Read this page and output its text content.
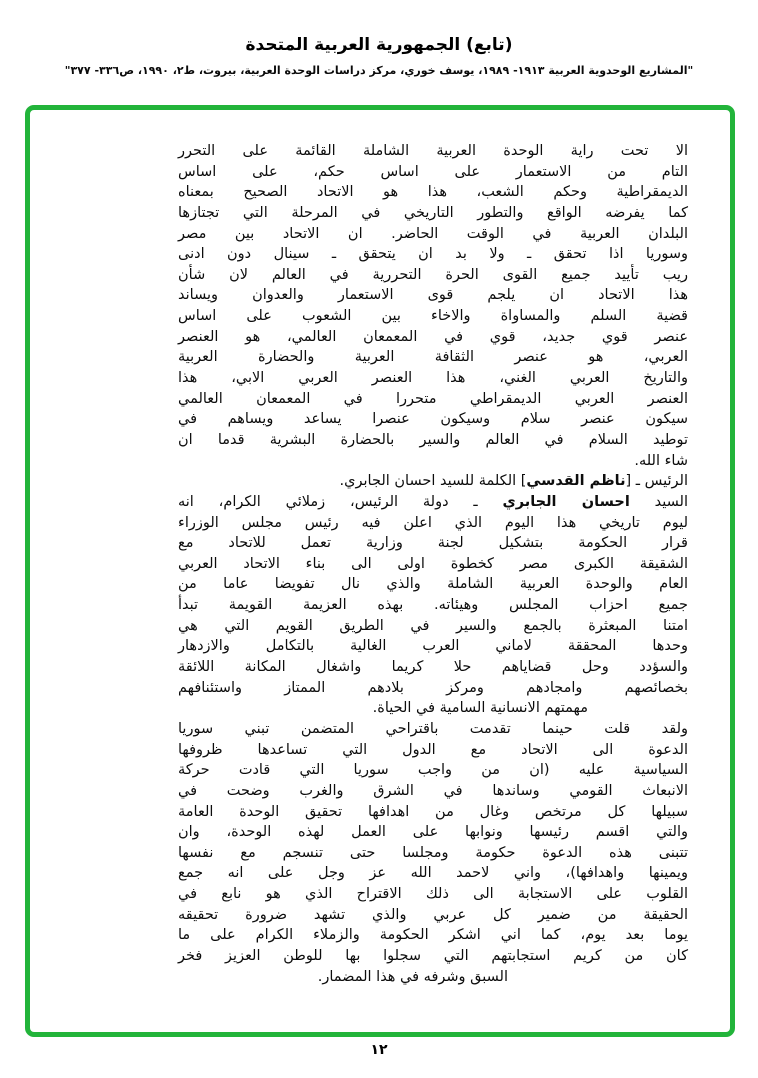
(تابع) الجمهورية العربية المتحدة
"المشاريع الوحدوية العربية ١٩١٣- ١٩٨٩، يوسف خوري، مركز دراسات الوحدة العربية، بيروت، ط٢، ١٩٩٠، ص٣٣٦- ٣٧٧"
الا تحت راية الوحدة العربية الشاملة القائمة على التحرر
التام من الاستعمار على اساس حكم، على اساس
الديمقراطية وحكم الشعب، هذا هو الاتحاد الصحيح بمعناه
كما يفرضه الواقع والتطور التاريخي في المرحلة التي تجتازها
البلدان العربية في الوقت الحاضر. ان الاتحاد بين مصر
وسوريا اذا تحقق ـ ولا بد ان يتحقق ـ سينال دون ادنى
ريب تأييد جميع القوى الحرة التحررية في العالم لان شأن
هذا الاتحاد ان يلجم قوى الاستعمار والعدوان ويساند
قضية السلم والمساواة والاخاء بين الشعوب على اساس
عنصر قوي جديد، قوي في المعمعان العالمي، هو العنصر
العربي، هو عنصر الثقافة العربية والحضارة العربية
والتاريخ العربي الغني، هذا العنصر العربي الابي، هذا
العنصر العربي الديمقراطي متحررا في المعمعان العالمي
سيكون عنصر سلام وسيكون عنصرا يساعد ويساهم في
توطيد السلام في العالم والسير بالحضارة البشرية قدما ان
شاء الله.
الرئيس ـ [ناظم القدسي] الكلمة للسيد احسان الجابري.
السيد احسان الجابري ـ دولة الرئيس، زملائي الكرام، انه
ليوم تاريخي هذا اليوم الذي اعلن فيه رئيس مجلس الوزراء
قرار الحكومة بتشكيل لجنة وزارية تعمل للاتحاد مع
الشقيقة الكبرى مصر كخطوة اولى الى بناء الاتحاد العربي
العام والوحدة العربية الشاملة والذي نال تفويضا عاما من
جميع احزاب المجلس وهيئاته. بهذه العزيمة القويمة تبدأ
امتنا المبعثرة بالجمع والسير في الطريق القويم التي هي
وحدها المحققة لاماني العرب الغالية بالتكامل والازدهار
والسؤدد وحل قضاياهم حلا كريما واشغال المكانة اللائقة
بخصائصهم وامجادهم ومركز بلادهم الممتاز واستئنافهم
مهمتهم الانسانية السامية في الحياة.
ولقد قلت حينما تقدمت باقتراحي المتضمن تبني سوريا
الدعوة الى الاتحاد مع الدول التي تساعدها ظروفها
السياسية عليه (ان من واجب سوريا التي قادت حركة
الانبعاث القومي وساندها في الشرق والغرب وضحت في
سبيلها كل مرتخص وغال من اهدافها تحقيق الوحدة العامة
والتي اقسم رئيسها ونوابها على العمل لهذه الوحدة، وان
تتبنى هذه الدعوة حكومة ومجلسا حتى تنسجم مع نفسها
ويمينها واهدافها)، واني لاحمد الله عز وجل على انه جمع
القلوب على الاستجابة الى ذلك الاقتراح الذي هو نابع في
الحقيقة من ضمير كل عربي والذي تشهد ضرورة تحقيقه
يوما بعد يوم، كما اني اشكر الحكومة والزملاء الكرام على ما
كان من كريم استجابتهم التي سجلوا بها للوطن العزيز فخر
السبق وشرفه في هذا المضمار.
١٢
